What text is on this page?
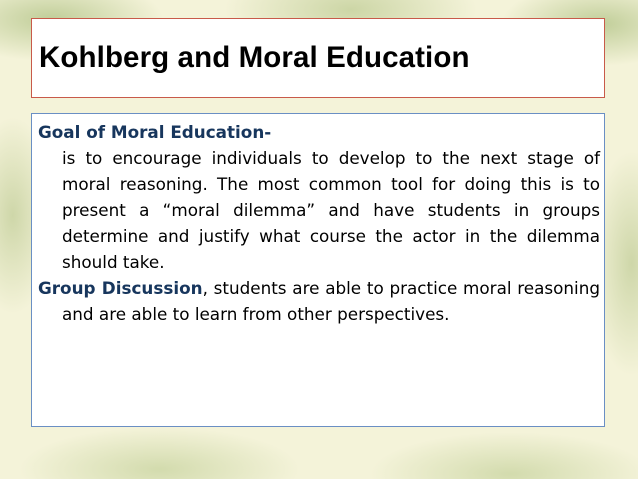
Kohlberg and Moral Education

Goal of Moral Education-

is to encourage individuals to develop to the next stage of moral reasoning. The most common tool for doing this is to present a “moral dilemma” and have students in groups determine and justify what course the actor in the dilemma should take.

Group Discussion, students are able to practice moral reasoning and are able to learn from other perspectives.
